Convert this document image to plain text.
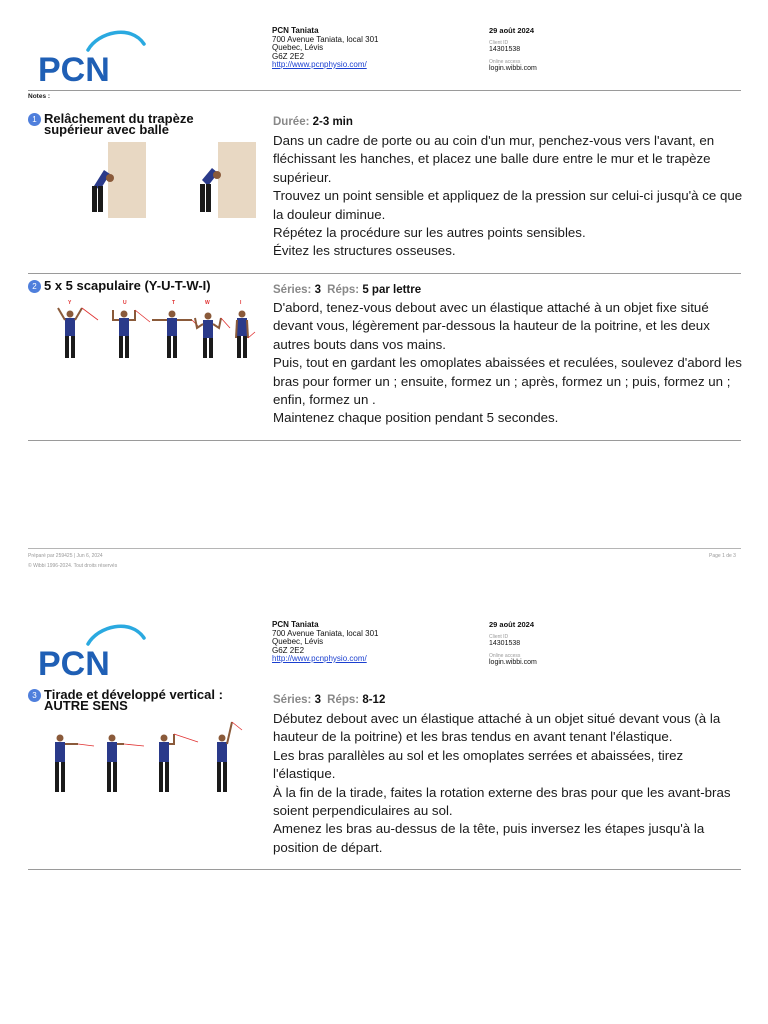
PCN
PCN Taniata
700 Avenue Taniata, local 301
Quebec, Lévis
G6Z 2E2
http://www.pcnphysio.com/
29 août 2024
Client ID
14301538
Online access
login.wibbi.com
Notes :
1 Relâchement du trapèze supérieur avec balle	Durée: 2-3 min

Dans un cadre de porte ou au coin d'un mur, penchez-vous vers l'avant, en fléchissant les hanches, et placez une balle dure entre le mur et le trapèze supérieur.

Trouvez un point sensible et appliquez de la pression sur celui-ci jusqu'à ce que la douleur diminue.

Répétez la procédure sur les autres points sensibles.

Évitez les structures osseuses.

2 5 x 5 scapulaire (Y-U-T-W-I)
Y	U	T	W	I
Séries: 3 Réps: 5 par lettre

D'abord, tenez-vous debout avec un élastique attaché à un objet fixe situé devant vous, légèrement par-dessous la hauteur de la poitrine, et les deux autres bouts dans vos mains.

Puis, tout en gardant les omoplates abaissées et reculées, soulevez d'abord les bras pour former un ; ensuite, formez un ; après, formez un ; puis, formez un ; enfin, formez un .

Maintenez chaque position pendant 5 secondes.

Préparé par 259425 | Jun 6, 2024
© Wibbi 1996-2024. Tout droits réservés
Page 1 de 3
PCN
PCN Taniata
700 Avenue Taniata, local 301
Quebec, Lévis
G6Z 2E2
http://www.pcnphysio.com/
29 août 2024
Client ID
14301538
Online access
login.wibbi.com
3 Tirade et développé vertical : AUTRE SENS	Séries: 3 Réps: 8-12

Débutez debout avec un élastique attaché à un objet situé devant vous (à la hauteur de la poitrine) et les bras tendus en avant tenant l'élastique.

Les bras parallèles au sol et les omoplates serrées et abaissées, tirez l'élastique.

À la fin de la tirade, faites la rotation externe des bras pour que les avant-bras soient perpendiculaires au sol.

Amenez les bras au-dessus de la tête, puis inversez les étapes jusqu'à la position de départ.
